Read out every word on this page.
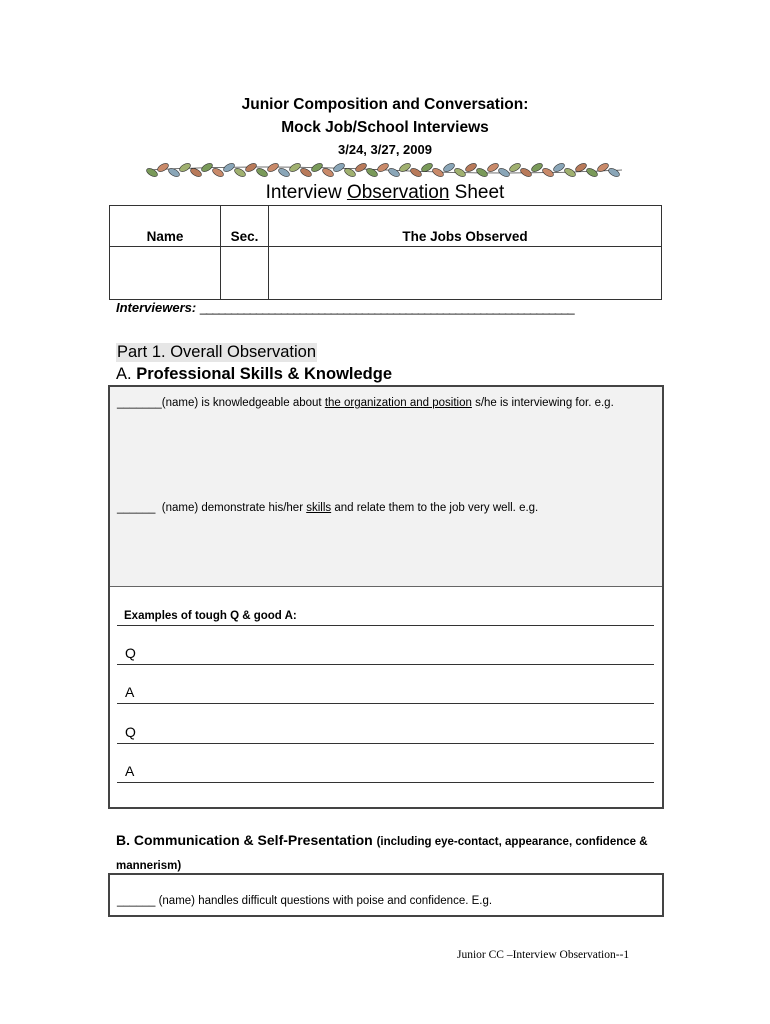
Junior Composition and Conversation:
Mock Job/School Interviews
3/24, 3/27, 2009
Interview Observation Sheet
Name	Sec.	The Jobs Observed

Interviewers: ____________________________________________________________
Part 1. Overall Observation
A. Professional Skills & Knowledge
_______(name) is knowledgeable about the organization and position s/he is interviewing for. e.g.
______  (name) demonstrate his/her skills and relate them to the job very well. e.g.
Examples of tough Q & good A:
Q
A
Q
A
B. Communication & Self-Presentation (including eye-contact, appearance, confidence & mannerism)
______ (name) handles difficult questions with poise and confidence. E.g.
Junior CC –Interview Observation--1
